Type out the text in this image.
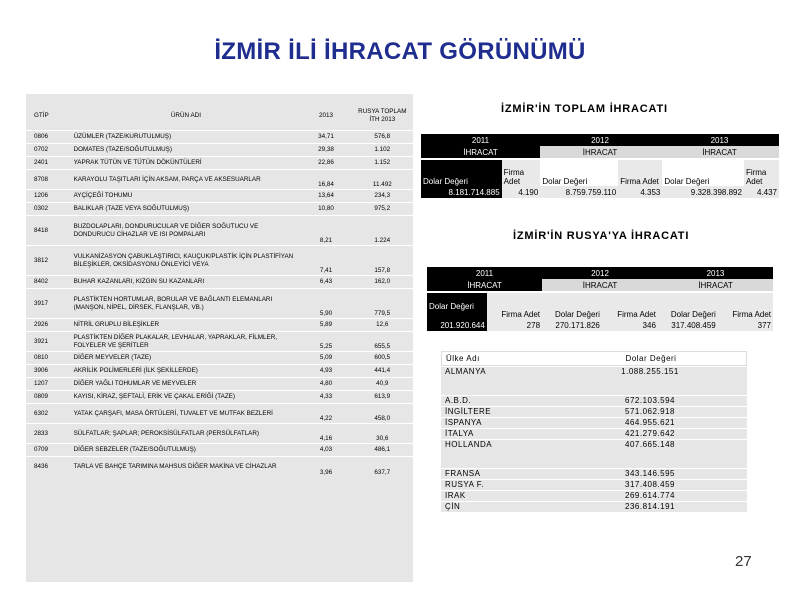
İZMİR İLİ İHRACAT GÖRÜNÜMÜ
GTİP	ÜRÜN ADI	2013	RUSYA TOPLAM İTH 2013
0806	ÜZÜMLER (TAZE/KURUTULMUŞ)	34,71	576,8
0702	DOMATES (TAZE/SOĞUTULMUŞ)	29,38	1.102
2401	YAPRAK TÜTÜN VE TÜTÜN DÖKÜNTÜLERİ	22,86	1.152
8708	KARAYOLU TAŞITLARI İÇİN AKSAM, PARÇA VE AKSESUARLAR	16,84	11.492
1206	AYÇİÇEĞİ TOHUMU	13,64	234,3
0302	BALIKLAR (TAZE VEYA SOĞUTULMUŞ)	10,80	975,2
8418	BUZDOLAPLARI, DONDURUCULAR VE DİĞER SOĞUTUCU VE DONDURUCU CİHAZLAR VE ISI POMPALARI	8,21	1.224
3812	VULKANİZASYON ÇABUKLAŞTIRICI, KAUÇUK/PLASTİK İÇİN PLASTİFİYAN BİLEŞİKLER, OKSİDASYONU ÖNLEYİCİ VEYA	7,41	157,8
8402	BUHAR KAZANLARI, KIZGIN SU KAZANLARI	6,43	162,0
3917	PLASTİKTEN HORTUMLAR, BORULAR VE BAĞLANTI ELEMANLARI (MANŞON, NİPEL, DİRSEK, FLANŞLAR, VB.)	5,90	779,5
2926	NİTRİL GRUPLU BİLEŞİKLER	5,89	12,6
3921	PLASTİKTEN DİĞER PLAKALAR, LEVHALAR, YAPRAKLAR, FİLMLER, FOLYELER VE ŞERİTLER	5,25	655,5
0810	DİĞER MEYVELER (TAZE)	5,09	600,5
3906	AKRİLİK POLİMERLERİ (İLK ŞEKİLLERDE)	4,93	441,4
1207	DİĞER YAĞLI TOHUMLAR VE MEYVELER	4,80	40,9
0809	KAYISI, KİRAZ, ŞEFTALİ, ERİK VE ÇAKAL ERİĞİ (TAZE)	4,33	613,9
6302	YATAK ÇARŞAFI, MASA ÖRTÜLERİ, TUVALET VE MUTFAK BEZLERİ	4,22	458,0
2833	SÜLFATLAR; ŞAPLAR; PEROKSİSÜLFATLAR (PERSÜLFATLAR)	4,16	30,6
0709	DİĞER SEBZELER (TAZE/SOĞUTULMUŞ)	4,03	486,1
8436	TARLA VE BAHÇE TARIMINA MAHSUS DİĞER MAKİNA VE CİHAZLAR	3,96	637,7
İZMİR'İN TOPLAM İHRACATI
2011	2012	2013
İHRACAT	İHRACAT	İHRACAT
Dolar Değeri	Firma Adet	Dolar Değeri	Firma Adet	Dolar Değeri	Firma Adet
8.181.714.885	4.190	8.759.759.110	4.353	9.328.398.892	4.437
İZMİR'İN RUSYA'YA İHRACATI
2011	2012	2013
İHRACAT	İHRACAT	İHRACAT
Dolar Değeri	Firma Adet	Dolar Değeri	Firma Adet	Dolar Değeri	Firma Adet
201.920.644	278	270.171.826	346	317.408.459	377
Ülke Adı	Dolar Değeri
ALMANYA	1.088.255.151
A.B.D.	672.103.594
İNGİLTERE	571.062.918
İSPANYA	464.955.621
İTALYA	421.279.642
HOLLANDA	407.665.148
FRANSA	343.146.595
RUSYA F.	317.408.459
IRAK	269.614.774
ÇİN	236.814.191
27
